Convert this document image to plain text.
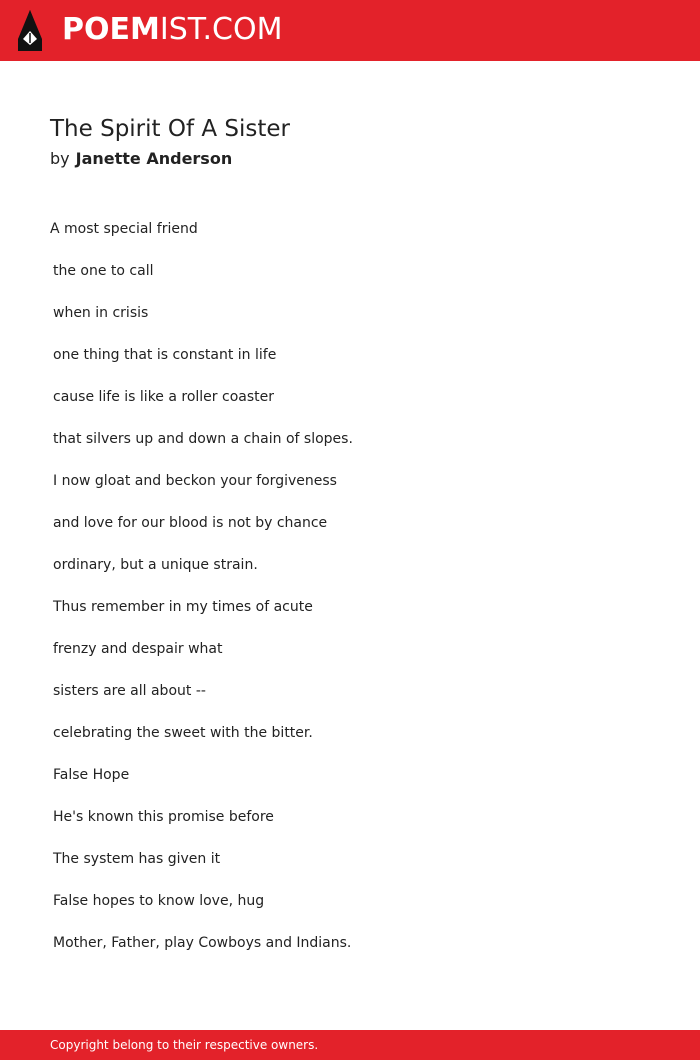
POEMIST.COM
The Spirit Of A Sister
by Janette Anderson
A most special friend
the one to call
when in crisis
one thing that is constant in life
cause life is like a roller coaster
that silvers up and down a chain of slopes.
I now gloat and beckon your forgiveness
and love for our blood is not by chance
ordinary, but a unique strain.
Thus remember in my times of acute
frenzy and despair what
sisters are all about --
celebrating the sweet with the bitter.
False Hope
He's known this promise before
The system has given it
False hopes to know love, hug
Mother, Father, play Cowboys and Indians.
Copyright belong to their respective owners.
